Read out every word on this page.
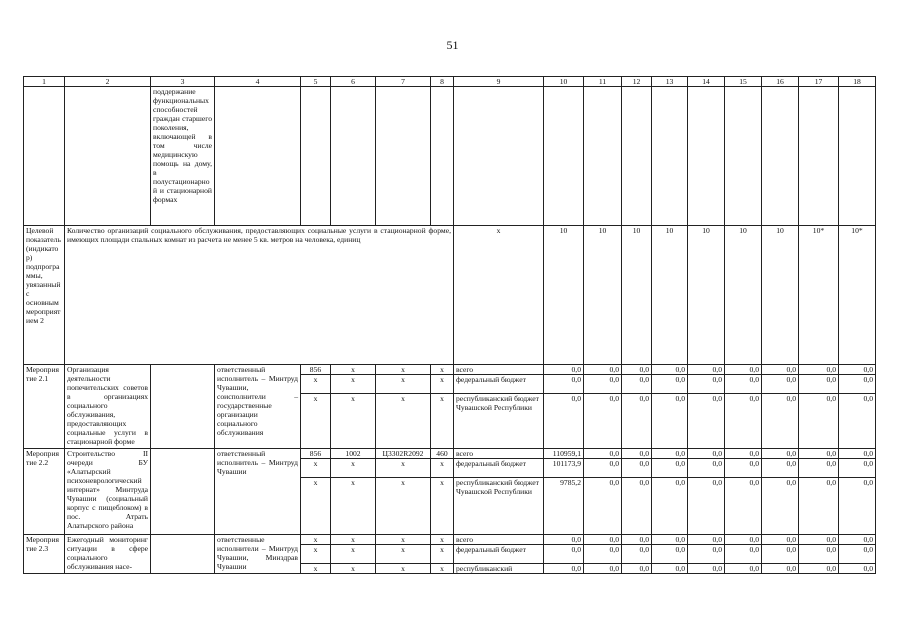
51
1	2	3	4	5	6	7	8	9	10	11	12	13	14	15	16	17	18
		поддержание функциональных способностей граждан старшего поколения, включающей в том числе медицинскую помощь на дому, в полустационарной и стационарной формах															
Целевой показатель (индикатор) подпрограммы, увязанный с основным мероприятием 2	Количество организаций социального обслуживания, предоставляющих социальные услуги в стационарной форме, имеющих площади спальных комнат из расчета не менее 5 кв. метров на человека, единиц							x	10	10	10	10	10	10	10	10*	10*
Мероприятие 2.1	Организация деятельности попечительских советов в организациях социального обслуживания, предоставляющих социальные услуги в стационарной форме		ответственный исполнитель – Минтруд Чувашии, соисполнители – государственные организации социального обслуживания	856	x	x	x	всего	0,0	0,0	0,0	0,0	0,0	0,0	0,0	0,0	0,0
				x	x	x	x	федеральный бюджет	0,0	0,0	0,0	0,0	0,0	0,0	0,0	0,0	0,0
				x	x	x	x	республиканский бюджет Чувашской Республики	0,0	0,0	0,0	0,0	0,0	0,0	0,0	0,0	0,0
Мероприятие 2.2	Строительство II очереди БУ «Алатырский психоневрологический интернат» Минтруда Чувашии (социальный корпус с пищеблоком) в пос. Атрать Алатырского района		ответственный исполнитель – Минтруд Чувашии	856	1002	Ц3302R2092	460	всего	110959,1	0,0	0,0	0,0	0,0	0,0	0,0	0,0	0,0
				x	x	x	x	федеральный бюджет	101173,9	0,0	0,0	0,0	0,0	0,0	0,0	0,0	0,0
				x	x	x	x	республиканский бюджет Чувашской Республики	9785,2	0,0	0,0	0,0	0,0	0,0	0,0	0,0	0,0
Мероприятие 2.3	Ежегодный мониторинг ситуации в сфере социального обслуживания насе-		ответственные исполнители – Минтруд Чувашии, Минздрав Чувашии	x	x	x	x	всего	0,0	0,0	0,0	0,0	0,0	0,0	0,0	0,0	0,0
				x	x	x	x	федеральный бюджет	0,0	0,0	0,0	0,0	0,0	0,0	0,0	0,0	0,0
				x	x	x	x	республиканский	0,0	0,0	0,0	0,0	0,0	0,0	0,0	0,0	0,0
